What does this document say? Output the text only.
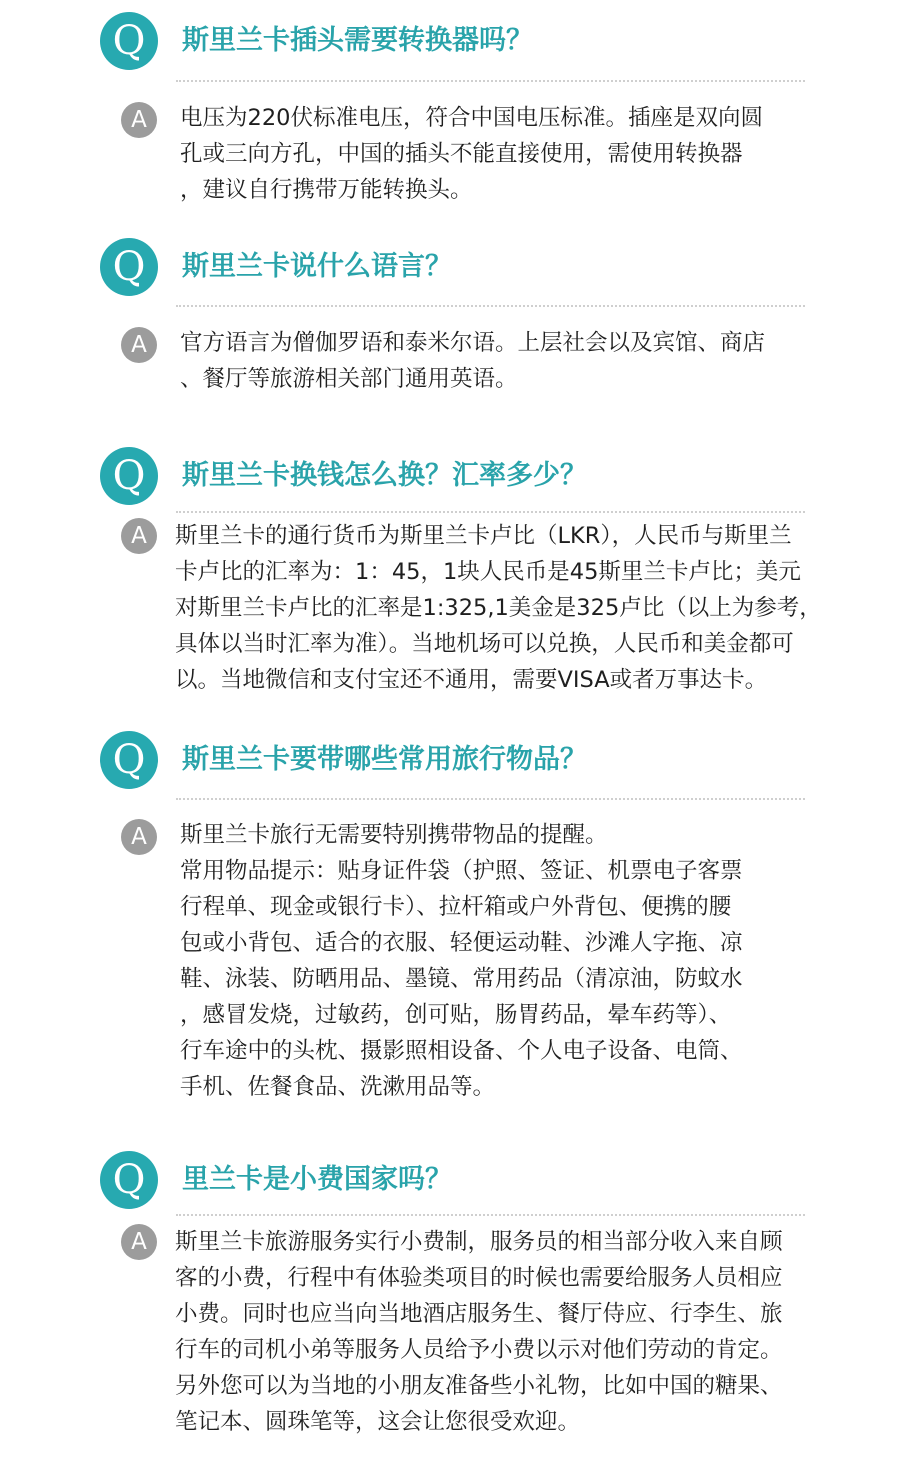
Q	斯里兰卡插头需要转换器吗？
A	电压为220伏标准电压，符合中国电压标准。插座是双向圆
孔或三向方孔，中国的插头不能直接使用，需使用转换器
，建议自行携带万能转换头。
Q	斯里兰卡说什么语言？
A	官方语言为僧伽罗语和泰米尔语。上层社会以及宾馆、商店
、餐厅等旅游相关部门通用英语。
Q	斯里兰卡换钱怎么换？汇率多少？
A	斯里兰卡的通行货币为斯里兰卡卢比（LKR），人民币与斯里兰
卡卢比的汇率为：1：45，1块人民币是45斯里兰卡卢比；美元
对斯里兰卡卢比的汇率是1:325,1美金是325卢比（以上为参考，
具体以当时汇率为准）。当地机场可以兑换，人民币和美金都可
以。当地微信和支付宝还不通用，需要VISA或者万事达卡。
Q	斯里兰卡要带哪些常用旅行物品？
A	斯里兰卡旅行无需要特别携带物品的提醒。
常用物品提示：贴身证件袋（护照、签证、机票电子客票
行程单、现金或银行卡）、拉杆箱或户外背包、便携的腰
包或小背包、适合的衣服、轻便运动鞋、沙滩人字拖、凉
鞋、泳装、防晒用品、墨镜、常用药品（清凉油，防蚊水
，感冒发烧，过敏药，创可贴，肠胃药品，晕车药等）、
行车途中的头枕、摄影照相设备、个人电子设备、电筒、
手机、佐餐食品、洗漱用品等。
Q	里兰卡是小费国家吗？
A	斯里兰卡旅游服务实行小费制，服务员的相当部分收入来自顾
客的小费，行程中有体验类项目的时候也需要给服务人员相应
小费。同时也应当向当地酒店服务生、餐厅侍应、行李生、旅
行车的司机小弟等服务人员给予小费以示对他们劳动的肯定。
另外您可以为当地的小朋友准备些小礼物，比如中国的糖果、
笔记本、圆珠笔等，这会让您很受欢迎。
